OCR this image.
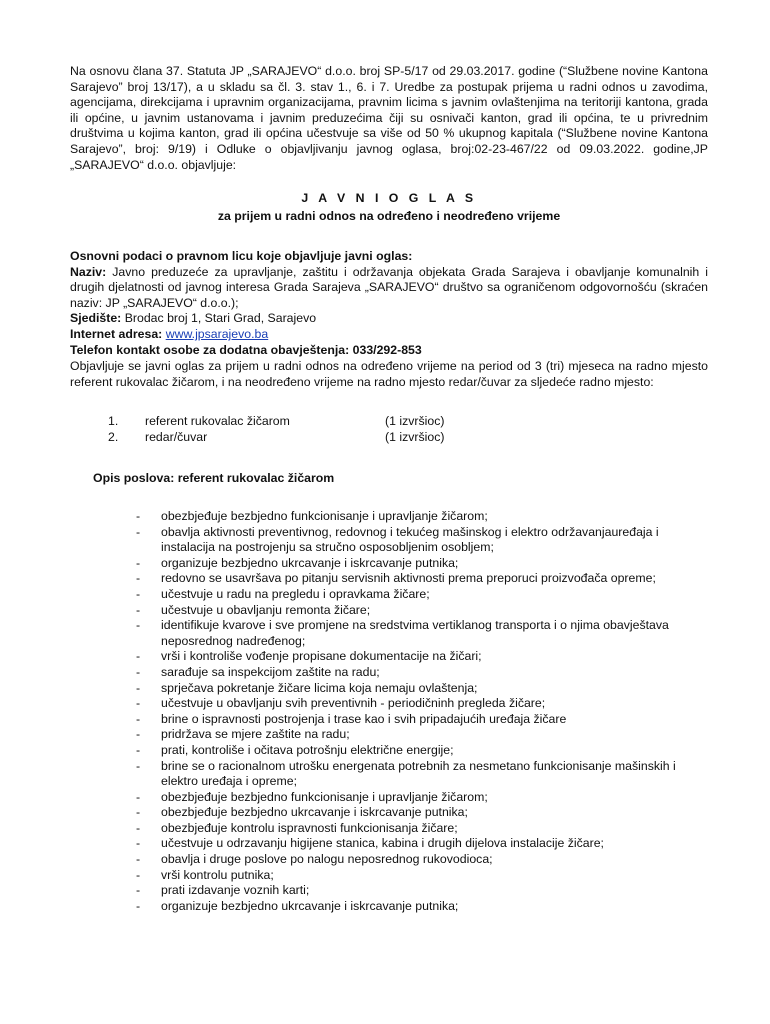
Na osnovu člana 37. Statuta JP „SARAJEVO“ d.o.o. broj SP-5/17 od 29.03.2017. godine (“Službene novine Kantona Sarajevo” broj 13/17), a u skladu sa čl. 3. stav 1., 6. i 7. Uredbe za postupak prijema u radni odnos u zavodima, agencijama, direkcijama i upravnim organizacijama, pravnim licima s javnim ovlaštenjima na teritoriji kantona, grada ili općine, u javnim ustanovama i javnim preduzećima čiji su osnivači kanton, grad ili općina, te u privrednim društvima u kojima kanton, grad ili općina učestvuje sa više od 50 % ukupnog kapitala (“Službene novine Kantona Sarajevo”, broj: 9/19) i Odluke o objavljivanju javnog oglasa, broj:02-23-467/22 od 09.03.2022. godine,JP „SARAJEVO“ d.o.o. objavljuje:

J A V N I O G L A S
za prijem u radni odnos na određeno i neodređeno vrijeme
Osnovni podaci o pravnom licu koje objavljuje javni oglas:
Naziv: Javno preduzeće za upravljanje, zaštitu i održavanja objekata Grada Sarajeva i obavljanje komunalnih i drugih djelatnosti od javnog interesa Grada Sarajeva „SARAJEVO“ društvo sa ograničenom odgovornošću (skraćen naziv: JP „SARAJEVO“ d.o.o.);
Sjedište: Brodac broj 1, Stari Grad, Sarajevo
Internet adresa: www.jpsarajevo.ba
Telefon kontakt osobe za dodatna obavještenja: 033/292-853

Objavljuje se javni oglas za prijem u radni odnos na određeno vrijeme na period od 3 (tri) mjeseca na radno mjesto referent rukovalac žičarom, i na neodređeno vrijeme na radno mjesto redar/čuvar za sljedeće radno mjesto:

1. referent rukovalac žičarom	(1 izvršioc)
2. redar/čuvar	(1 izvršioc)
Opis poslova: referent rukovalac žičarom
- obezbjeđuje bezbjedno funkcionisanje i upravljanje žičarom;
- obavlja aktivnosti preventivnog, redovnog i tekućeg mašinskog i elektro održavanjauređaja i instalacija na postrojenju sa stručno osposobljenim osobljem;
- organizuje bezbjedno ukrcavanje i iskrcavanje putnika;
- redovno se usavršava po pitanju servisnih aktivnosti prema preporuci proizvođača opreme;
- učestvuje u radu na pregledu i opravkama žičare;
- učestvuje u obavljanju remonta žičare;
- identifikuje kvarove i sve promjene na sredstvima vertiklanog transporta i o njima obavještava neposrednog nadređenog;
- vrši i kontroliše vođenje propisane dokumentacije na žičari;
- sarađuje sa inspekcijom zaštite na radu;
- sprječava pokretanje žičare licima koja nemaju ovlaštenja;
- učestvuje u obavljanju svih preventivnih - periodičninh pregleda žičare;
- brine o ispravnosti postrojenja i trase kao i svih pripadajućih uređaja žičare
- pridržava se mjere zaštite na radu;
- prati, kontroliše i očitava potrošnju električne energije;
- brine se o racionalnom utrošku energenata potrebnih za nesmetano funkcionisanje mašinskih i elektro uređaja i opreme;
- obezbjeđuje bezbjedno funkcionisanje i upravljanje žičarom;
- obezbjeđuje bezbjedno ukrcavanje i iskrcavanje putnika;
- obezbjeđuje kontrolu ispravnosti funkcionisanja žičare;
- učestvuje u odrzavanju higijene stanica, kabina i drugih dijelova instalacije žičare;
- obavlja i druge poslove po nalogu neposrednog rukovodioca;
- vrši kontrolu putnika;
- prati izdavanje voznih karti;
- organizuje bezbjedno ukrcavanje i iskrcavanje putnika;
